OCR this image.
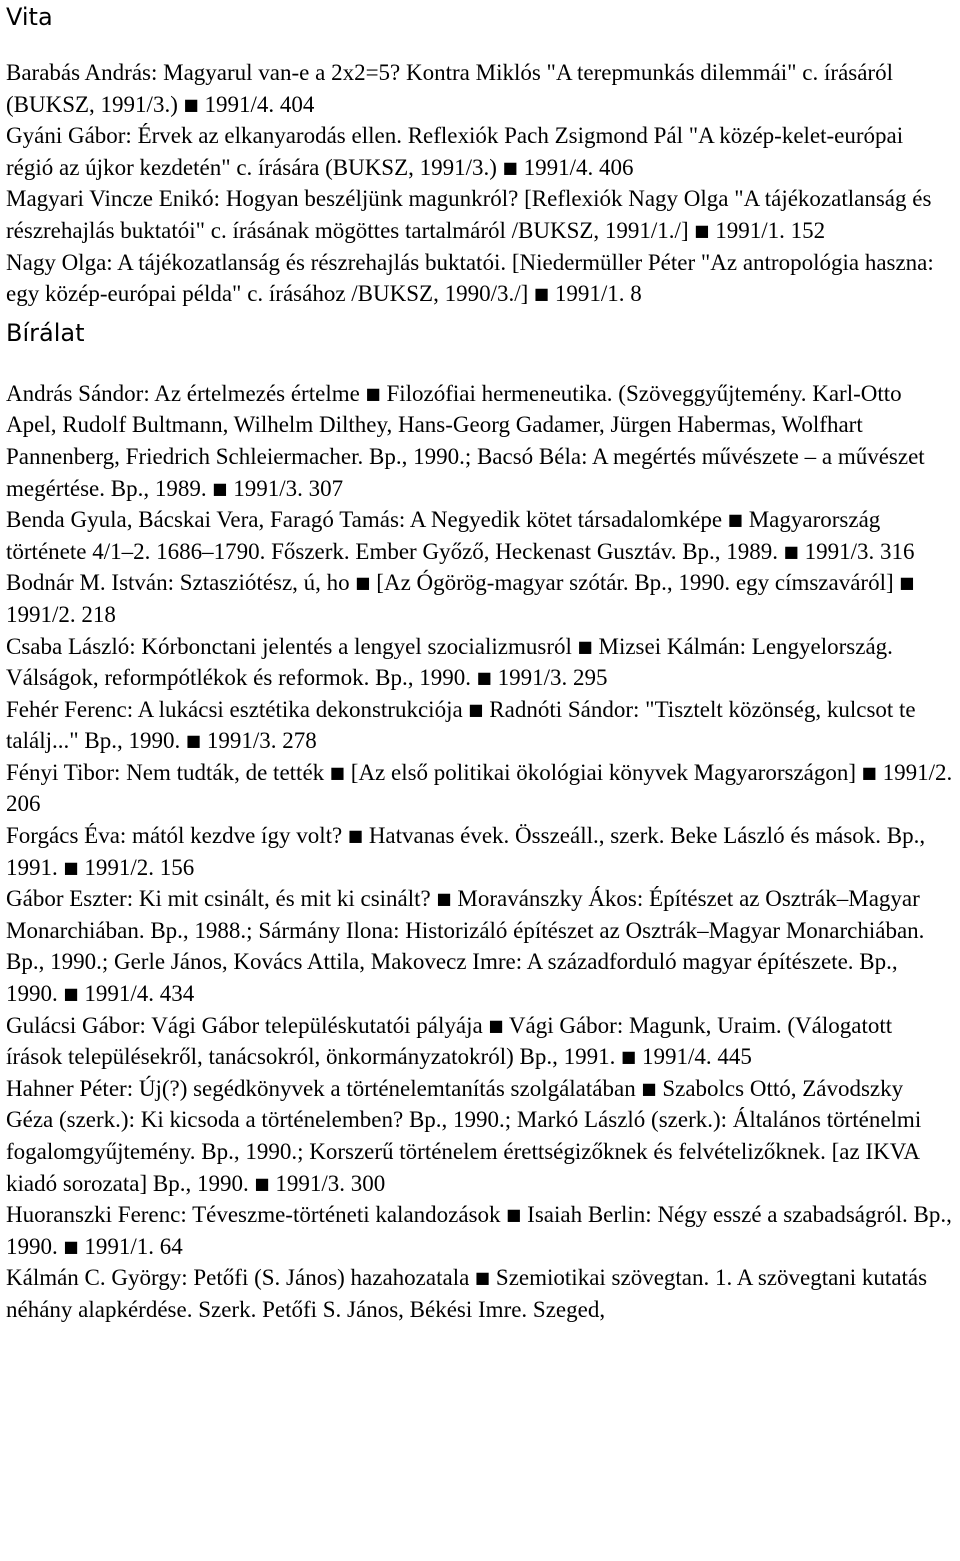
Vita

Barabás András: Magyarul van-e a 2x2=5? Kontra Miklós "A terepmunkás dilemmái" c. írásáról (BUKSZ, 1991/3.) ■ 1991/4. 404

Gyáni Gábor: Érvek az elkanyarodás ellen. Reflexiók Pach Zsigmond Pál "A közép-kelet-európai régió az újkor kezdetén" c. írására (BUKSZ, 1991/3.) ■ 1991/4. 406

Magyari Vincze Enikó: Hogyan beszéljünk magunkról? [Reflexiók Nagy Olga "A tájékozatlanság és részrehajlás buktatói" c. írásának mögöttes tartalmáról /BUKSZ, 1991/1./] ■ 1991/1. 152

Nagy Olga: A tájékozatlanság és részrehajlás buktatói. [Niedermüller Péter "Az antropológia haszna: egy közép-európai példa" c. írásához /BUKSZ, 1990/3./] ■ 1991/1. 8

Bírálat

András Sándor: Az értelmezés értelme ■ Filozófiai hermeneutika. (Szöveggyűjtemény. Karl-Otto Apel, Rudolf Bultmann, Wilhelm Dilthey, Hans-Georg Gadamer, Jürgen Habermas, Wolfhart Pannenberg, Friedrich Schleiermacher. Bp., 1990.; Bacsó Béla: A megértés művészete – a művészet megértése. Bp., 1989. ■ 1991/3. 307

Benda Gyula, Bácskai Vera, Faragó Tamás: A Negyedik kötet társadalomképe ■ Magyarország története 4/1–2. 1686–1790. Főszerk. Ember Győző, Heckenast Gusztáv. Bp., 1989. ■ 1991/3. 316

Bodnár M. István: Sztasziótész, ú, ho ■ [Az Ógörög-magyar szótár. Bp., 1990. egy címszaváról] ■ 1991/2. 218

Csaba László: Kórbonctani jelentés a lengyel szocializmusról ■ Mizsei Kálmán: Lengyelország. Válságok, reformpótlékok és reformok. Bp., 1990. ■ 1991/3. 295

Fehér Ferenc: A lukácsi esztétika dekonstrukciója ■ Radnóti Sándor: "Tisztelt közönség, kulcsot te találj..." Bp., 1990. ■ 1991/3. 278

Fényi Tibor: Nem tudták, de tették ■ [Az első politikai ökológiai könyvek Magyarországon] ■ 1991/2. 206

Forgács Éva: mától kezdve így volt? ■ Hatvanas évek. Összeáll., szerk. Beke László és mások. Bp., 1991. ■ 1991/2. 156

Gábor Eszter: Ki mit csinált, és mit ki csinált? ■ Moravánszky Ákos: Építészet az Osztrák–Magyar Monarchiában. Bp., 1988.; Sármány Ilona: Historizáló építészet az Osztrák–Magyar Monarchiában. Bp., 1990.; Gerle János, Kovács Attila, Makovecz Imre: A századforduló magyar építészete. Bp., 1990. ■ 1991/4. 434

Gulácsi Gábor: Vági Gábor településkutatói pályája ■ Vági Gábor: Magunk, Uraim. (Válogatott írások településekről, tanácsokról, önkormányzatokról) Bp., 1991. ■ 1991/4. 445

Hahner Péter: Új(?) segédkönyvek a történelemtanítás szolgálatában ■ Szabolcs Ottó, Závodszky Géza (szerk.): Ki kicsoda a történelemben? Bp., 1990.; Markó László (szerk.): Általános történelmi fogalomgyűjtemény. Bp., 1990.; Korszerű történelem érettségizőknek és felvételizőknek. [az IKVA kiadó sorozata] Bp., 1990. ■ 1991/3. 300

Huoranszki Ferenc: Téveszme-történeti kalandozások ■ Isaiah Berlin: Négy esszé a szabadságról. Bp., 1990. ■ 1991/1. 64

Kálmán C. György: Petőfi (S. János) hazahozatala ■ Szemiotikai szövegtan. 1. A szövegtani kutatás néhány alapkérdése. Szerk. Petőfi S. János, Békési Imre. Szeged,
